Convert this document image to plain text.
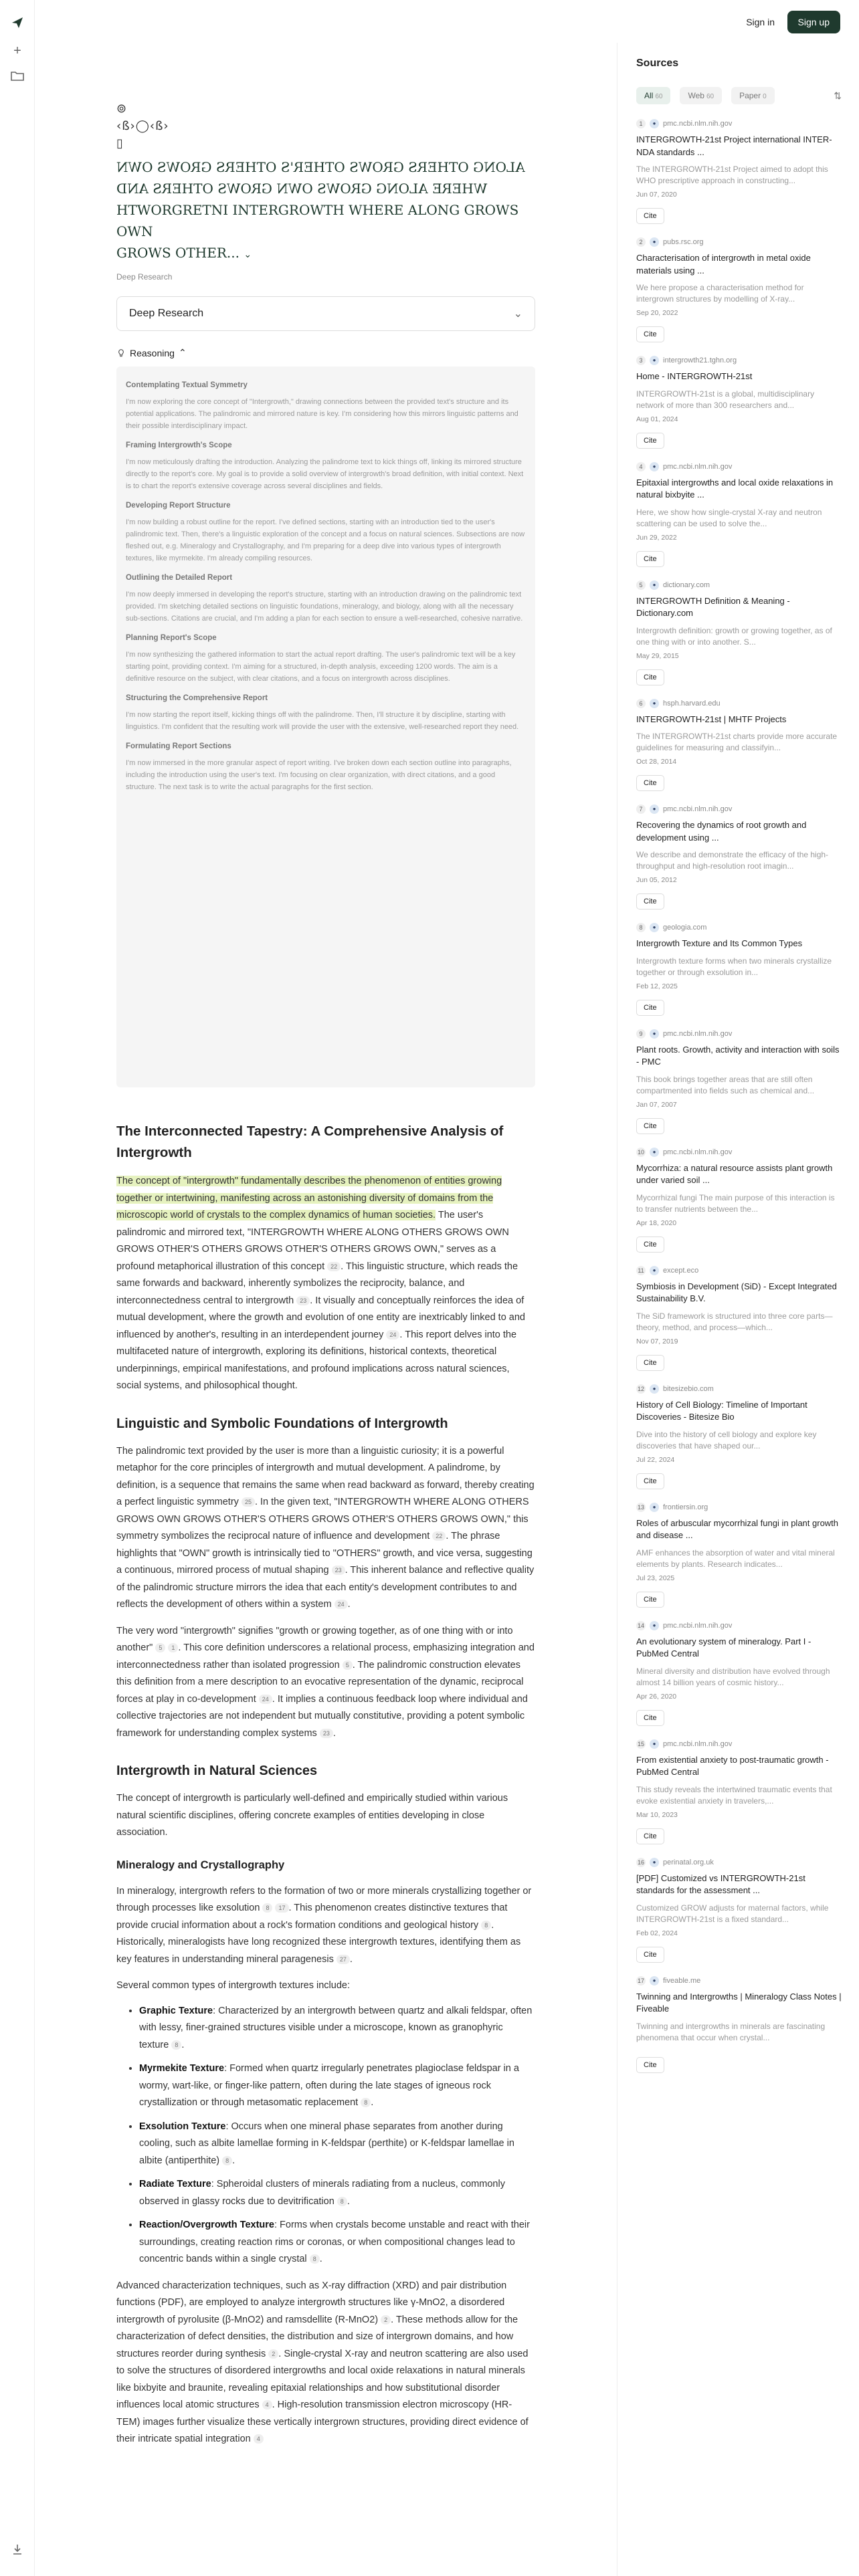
+
Sign in	Sign up
⊚
‹ß›◯‹ß›
▯
ALONG OTHERS GROWS OTHER'S OTHERS GROWS OWN
WHERE ALONG GROWS OWN GROWS OTHERS AND
HTWORGRETNI INTERGROWTH WHERE ALONG GROWS OWN
GROWS OTHER... ⌄
Deep Research
Deep Research	⌄
Reasoning ⌃
Contemplating Textual Symmetry

I'm now exploring the core concept of "Intergrowth," drawing connections between the provided text's structure and its potential applications. The palindromic and mirrored nature is key. I'm considering how this mirrors linguistic patterns and their possible interdisciplinary impact.

Framing Intergrowth's Scope

I'm now meticulously drafting the introduction. Analyzing the palindrome text to kick things off, linking its mirrored structure directly to the report's core. My goal is to provide a solid overview of intergrowth's broad definition, with initial context. Next is to chart the report's extensive coverage across several disciplines and fields.

Developing Report Structure

I'm now building a robust outline for the report. I've defined sections, starting with an introduction tied to the user's palindromic text. Then, there's a linguistic exploration of the concept and a focus on natural sciences. Subsections are now fleshed out, e.g. Mineralogy and Crystallography, and I'm preparing for a deep dive into various types of intergrowth textures, like myrmekite. I'm already compiling resources.

Outlining the Detailed Report

I'm now deeply immersed in developing the report's structure, starting with an introduction drawing on the palindromic text provided. I'm sketching detailed sections on linguistic foundations, mineralogy, and biology, along with all the necessary sub-sections. Citations are crucial, and I'm adding a plan for each section to ensure a well-researched, cohesive narrative.

Planning Report's Scope

I'm now synthesizing the gathered information to start the actual report drafting. The user's palindromic text will be a key starting point, providing context. I'm aiming for a structured, in-depth analysis, exceeding 1200 words. The aim is a definitive resource on the subject, with clear citations, and a focus on intergrowth across disciplines.

Structuring the Comprehensive Report

I'm now starting the report itself, kicking things off with the palindrome. Then, I'll structure it by discipline, starting with linguistics. I'm confident that the resulting work will provide the user with the extensive, well-researched report they need.

Formulating Report Sections

I'm now immersed in the more granular aspect of report writing. I've broken down each section outline into paragraphs, including the introduction using the user's text. I'm focusing on clear organization, with direct citations, and a good structure. The next task is to write the actual paragraphs for the first section.

The Interconnected Tapestry: A Comprehensive Analysis of Intergrowth

The concept of "intergrowth" fundamentally describes the phenomenon of entities growing together or intertwining, manifesting across an astonishing diversity of domains from the microscopic world of crystals to the complex dynamics of human societies. The user's palindromic and mirrored text, "INTERGROWTH WHERE ALONG OTHERS GROWS OWN GROWS OTHER'S OTHERS GROWS OTHER'S OTHERS GROWS OWN," serves as a profound metaphorical illustration of this concept 22 . This linguistic structure, which reads the same forwards and backward, inherently symbolizes the reciprocity, balance, and interconnectedness central to intergrowth 23 . It visually and conceptually reinforces the idea of mutual development, where the growth and evolution of one entity are inextricably linked to and influenced by another's, resulting in an interdependent journey 24 . This report delves into the multifaceted nature of intergrowth, exploring its definitions, historical contexts, theoretical underpinnings, empirical manifestations, and profound implications across natural sciences, social systems, and philosophical thought.

Linguistic and Symbolic Foundations of Intergrowth

The palindromic text provided by the user is more than a linguistic curiosity; it is a powerful metaphor for the core principles of intergrowth and mutual development. A palindrome, by definition, is a sequence that remains the same when read backward as forward, thereby creating a perfect linguistic symmetry 25 . In the given text, "INTERGROWTH WHERE ALONG OTHERS GROWS OWN GROWS OTHER'S OTHERS GROWS OTHER'S OTHERS GROWS OWN," this symmetry symbolizes the reciprocal nature of influence and development 22 . The phrase highlights that "OWN" growth is intrinsically tied to "OTHERS" growth, and vice versa, suggesting a continuous, mirrored process of mutual shaping 23 . This inherent balance and reflective quality of the palindromic structure mirrors the idea that each entity's development contributes to and reflects the development of others within a system 24 .

The very word "intergrowth" signifies "growth or growing together, as of one thing with or into another" 5 1 . This core definition underscores a relational process, emphasizing integration and interconnectedness rather than isolated progression 5 . The palindromic construction elevates this definition from a mere description to an evocative representation of the dynamic, reciprocal forces at play in co-development 24 . It implies a continuous feedback loop where individual and collective trajectories are not independent but mutually constitutive, providing a potent symbolic framework for understanding complex systems 23 .

Intergrowth in Natural Sciences

The concept of intergrowth is particularly well-defined and empirically studied within various natural scientific disciplines, offering concrete examples of entities developing in close association.

Mineralogy and Crystallography

In mineralogy, intergrowth refers to the formation of two or more minerals crystallizing together or through processes like exsolution 8 17 . This phenomenon creates distinctive textures that provide crucial information about a rock's formation conditions and geological history 8 . Historically, mineralogists have long recognized these intergrowth textures, identifying them as key features in understanding mineral paragenesis 27 .

Several common types of intergrowth textures include:

• Graphic Texture: Characterized by an intergrowth between quartz and alkali feldspar, often with lessy, finer-grained structures visible under a microscope, known as granophyric texture 8 .
• Myrmekite Texture: Formed when quartz irregularly penetrates plagioclase feldspar in a wormy, wart-like, or finger-like pattern, often during the late stages of igneous rock crystallization or through metasomatic replacement 8 .
• Exsolution Texture: Occurs when one mineral phase separates from another during cooling, such as albite lamellae forming in K-feldspar (perthite) or K-feldspar lamellae in albite (antiperthite) 8 .
• Radiate Texture: Spheroidal clusters of minerals radiating from a nucleus, commonly observed in glassy rocks due to devitrification 8 .
• Reaction/Overgrowth Texture: Forms when crystals become unstable and react with their surroundings, creating reaction rims or coronas, or when compositional changes lead to concentric bands within a single crystal 8 .

Advanced characterization techniques, such as X-ray diffraction (XRD) and pair distribution functions (PDF), are employed to analyze intergrowth structures like γ-MnO2, a disordered intergrowth of pyrolusite (β-MnO2) and ramsdellite (R-MnO2) 2 . These methods allow for the characterization of defect densities, the distribution and size of intergrown domains, and how structures reorder during synthesis 2 . Single-crystal X-ray and neutron scattering are also used to solve the structures of disordered intergrowths and local oxide relaxations in natural minerals like bixbyite and braunite, revealing epitaxial relationships and how substitutional disorder influences local atomic structures 4 . High-resolution transmission electron microscopy (HR-TEM) images further visualize these vertically intergrown structures, providing direct evidence of their intricate spatial integration 4

Sources
All 60	Web 60	Paper 0	⇅
1	● pmc.ncbi.nlm.nih.gov
INTERGROWTH-21st Project international INTER-NDA standards ...
The INTERGROWTH-21st Project aimed to adopt this WHO prescriptive approach in constructing...
Jun 07, 2020
Cite
2	● pubs.rsc.org
Characterisation of intergrowth in metal oxide materials using ...
We here propose a characterisation method for intergrown structures by modelling of X-ray...
Sep 20, 2022
Cite
3	● intergrowth21.tghn.org
Home - INTERGROWTH-21st
INTERGROWTH-21st is a global, multidisciplinary network of more than 300 researchers and...
Aug 01, 2024
Cite
4	● pmc.ncbi.nlm.nih.gov
Epitaxial intergrowths and local oxide relaxations in natural bixbyite ...
Here, we show how single-crystal X-ray and neutron scattering can be used to solve the...
Jun 29, 2022
Cite
5	● dictionary.com
INTERGROWTH Definition & Meaning - Dictionary.com
Intergrowth definition: growth or growing together, as of one thing with or into another. S...
May 29, 2015
Cite
6	● hsph.harvard.edu
INTERGROWTH-21st | MHTF Projects
The INTERGROWTH-21st charts provide more accurate guidelines for measuring and classifyin...
Oct 28, 2014
Cite
7	● pmc.ncbi.nlm.nih.gov
Recovering the dynamics of root growth and development using ...
We describe and demonstrate the efficacy of the high-throughput and high-resolution root imagin...
Jun 05, 2012
Cite
8	● geologia.com
Intergrowth Texture and Its Common Types
Intergrowth texture forms when two minerals crystallize together or through exsolution in...
Feb 12, 2025
Cite
9	● pmc.ncbi.nlm.nih.gov
Plant roots. Growth, activity and interaction with soils - PMC
This book brings together areas that are still often compartmented into fields such as chemical and...
Jan 07, 2007
Cite
10	● pmc.ncbi.nlm.nih.gov
Mycorrhiza: a natural resource assists plant growth under varied soil ...
Mycorrhizal fungi The main purpose of this interaction is to transfer nutrients between the...
Apr 18, 2020
Cite
11	● except.eco
Symbiosis in Development (SiD) - Except Integrated Sustainability B.V.
The SiD framework is structured into three core parts—theory, method, and process—which...
Nov 07, 2019
Cite
12	● bitesizebio.com
History of Cell Biology: Timeline of Important Discoveries - Bitesize Bio
Dive into the history of cell biology and explore key discoveries that have shaped our...
Jul 22, 2024
Cite
13	● frontiersin.org
Roles of arbuscular mycorrhizal fungi in plant growth and disease ...
AMF enhances the absorption of water and vital mineral elements by plants. Research indicates...
Jul 23, 2025
Cite
14	● pmc.ncbi.nlm.nih.gov
An evolutionary system of mineralogy. Part I - PubMed Central
Mineral diversity and distribution have evolved through almost 14 billion years of cosmic history...
Apr 26, 2020
Cite
15	● pmc.ncbi.nlm.nih.gov
From existential anxiety to post-traumatic growth - PubMed Central
This study reveals the intertwined traumatic events that evoke existential anxiety in travelers,...
Mar 10, 2023
Cite
16	● perinatal.org.uk
[PDF] Customized vs INTERGROWTH-21st standards for the assessment ...
Customized GROW adjusts for maternal factors, while INTERGROWTH-21st is a fixed standard...
Feb 02, 2024
Cite
17	● fiveable.me
Twinning and Intergrowths | Mineralogy Class Notes | Fiveable
Twinning and intergrowths in minerals are fascinating phenomena that occur when crystal...
Cite
